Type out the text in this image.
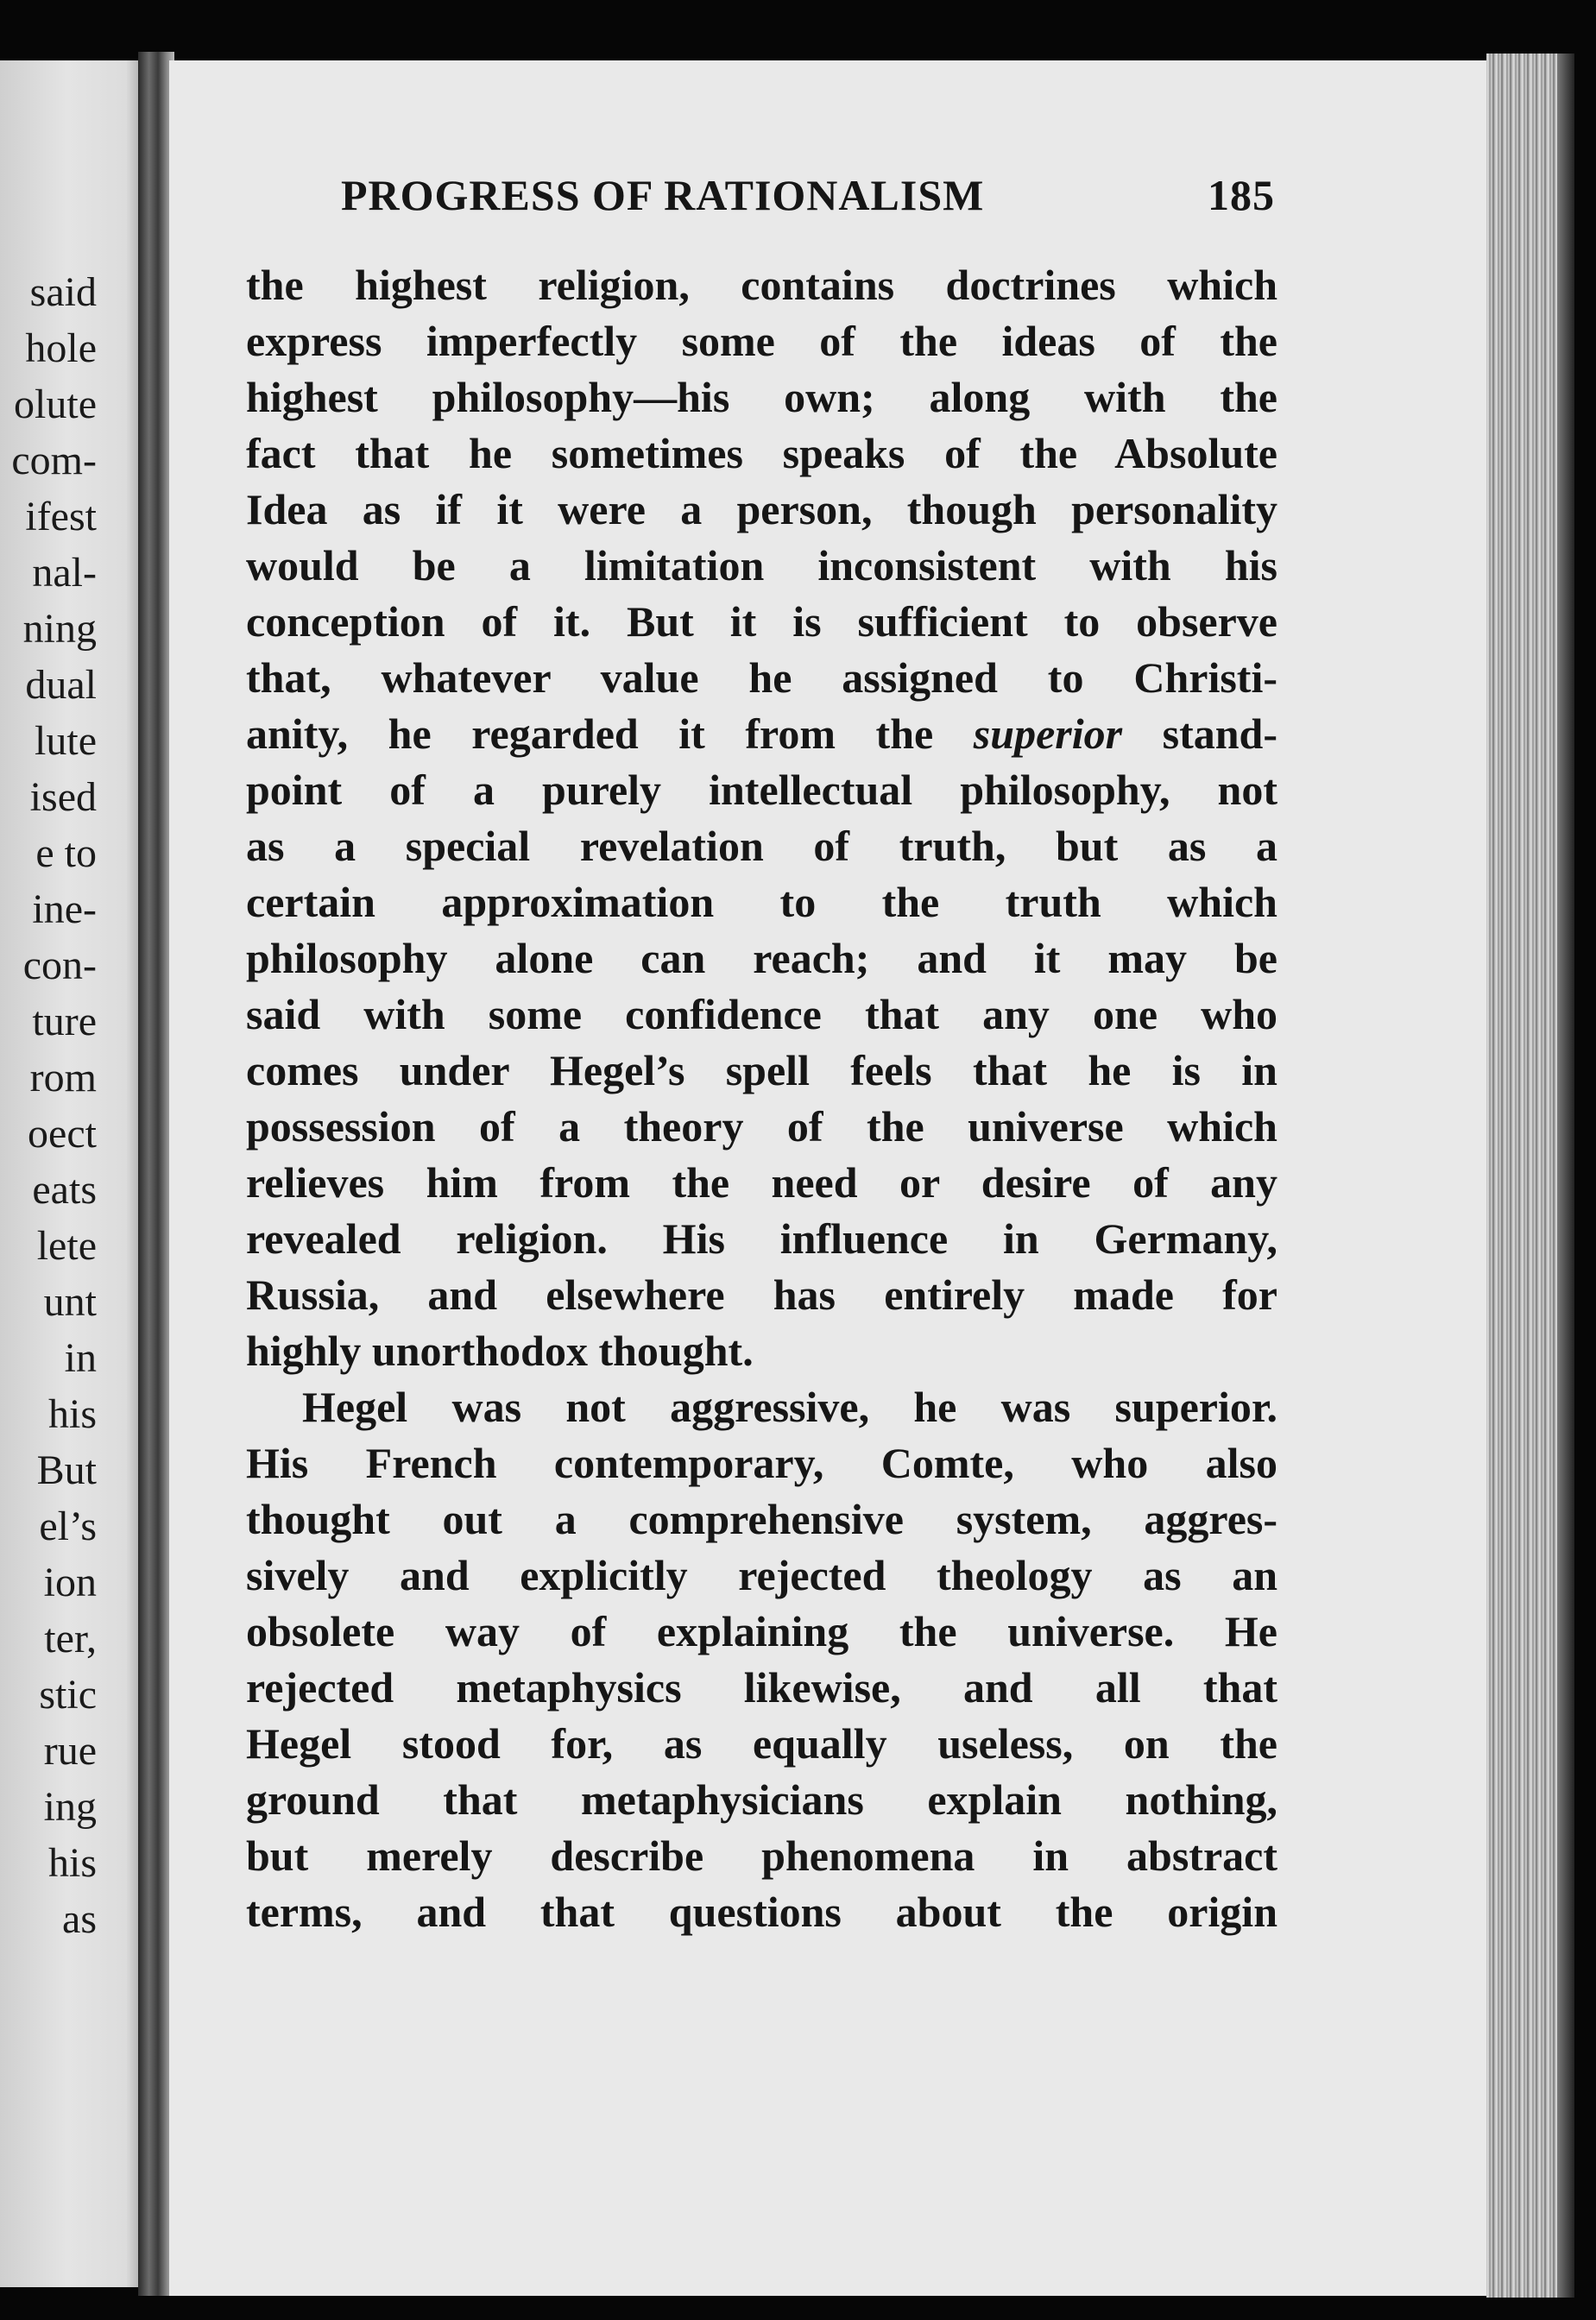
said
hole
olute
com-
ifest
nal-
ning
dual
lute
ised
e to
ine-
con-
ture
rom
oect
eats
lete
unt
in
his
But
el’s
ion
ter,
stic
rue
ing
his
as
PROGRESS OF RATIONALISM	185
the highest religion, contains doctrines which
express imperfectly some of the ideas of the
highest philosophy—his own; along with the
fact that he sometimes speaks of the Absolute
Idea as if it were a person, though personality
would be a limitation inconsistent with his
conception of it. But it is sufficient to observe
that, whatever value he assigned to Christi-
anity, he regarded it from the superior stand-
point of a purely intellectual philosophy, not
as a special revelation of truth, but as a
certain approximation to the truth which
philosophy alone can reach; and it may be
said with some confidence that any one who
comes under Hegel’s spell feels that he is in
possession of a theory of the universe which
relieves him from the need or desire of any
revealed religion. His influence in Germany,
Russia, and elsewhere has entirely made for
highly unorthodox thought.
Hegel was not aggressive, he was superior.
His French contemporary, Comte, who also
thought out a comprehensive system, aggres-
sively and explicitly rejected theology as an
obsolete way of explaining the universe. He
rejected metaphysics likewise, and all that
Hegel stood for, as equally useless, on the
ground that metaphysicians explain nothing,
but merely describe phenomena in abstract
terms, and that questions about the origin
